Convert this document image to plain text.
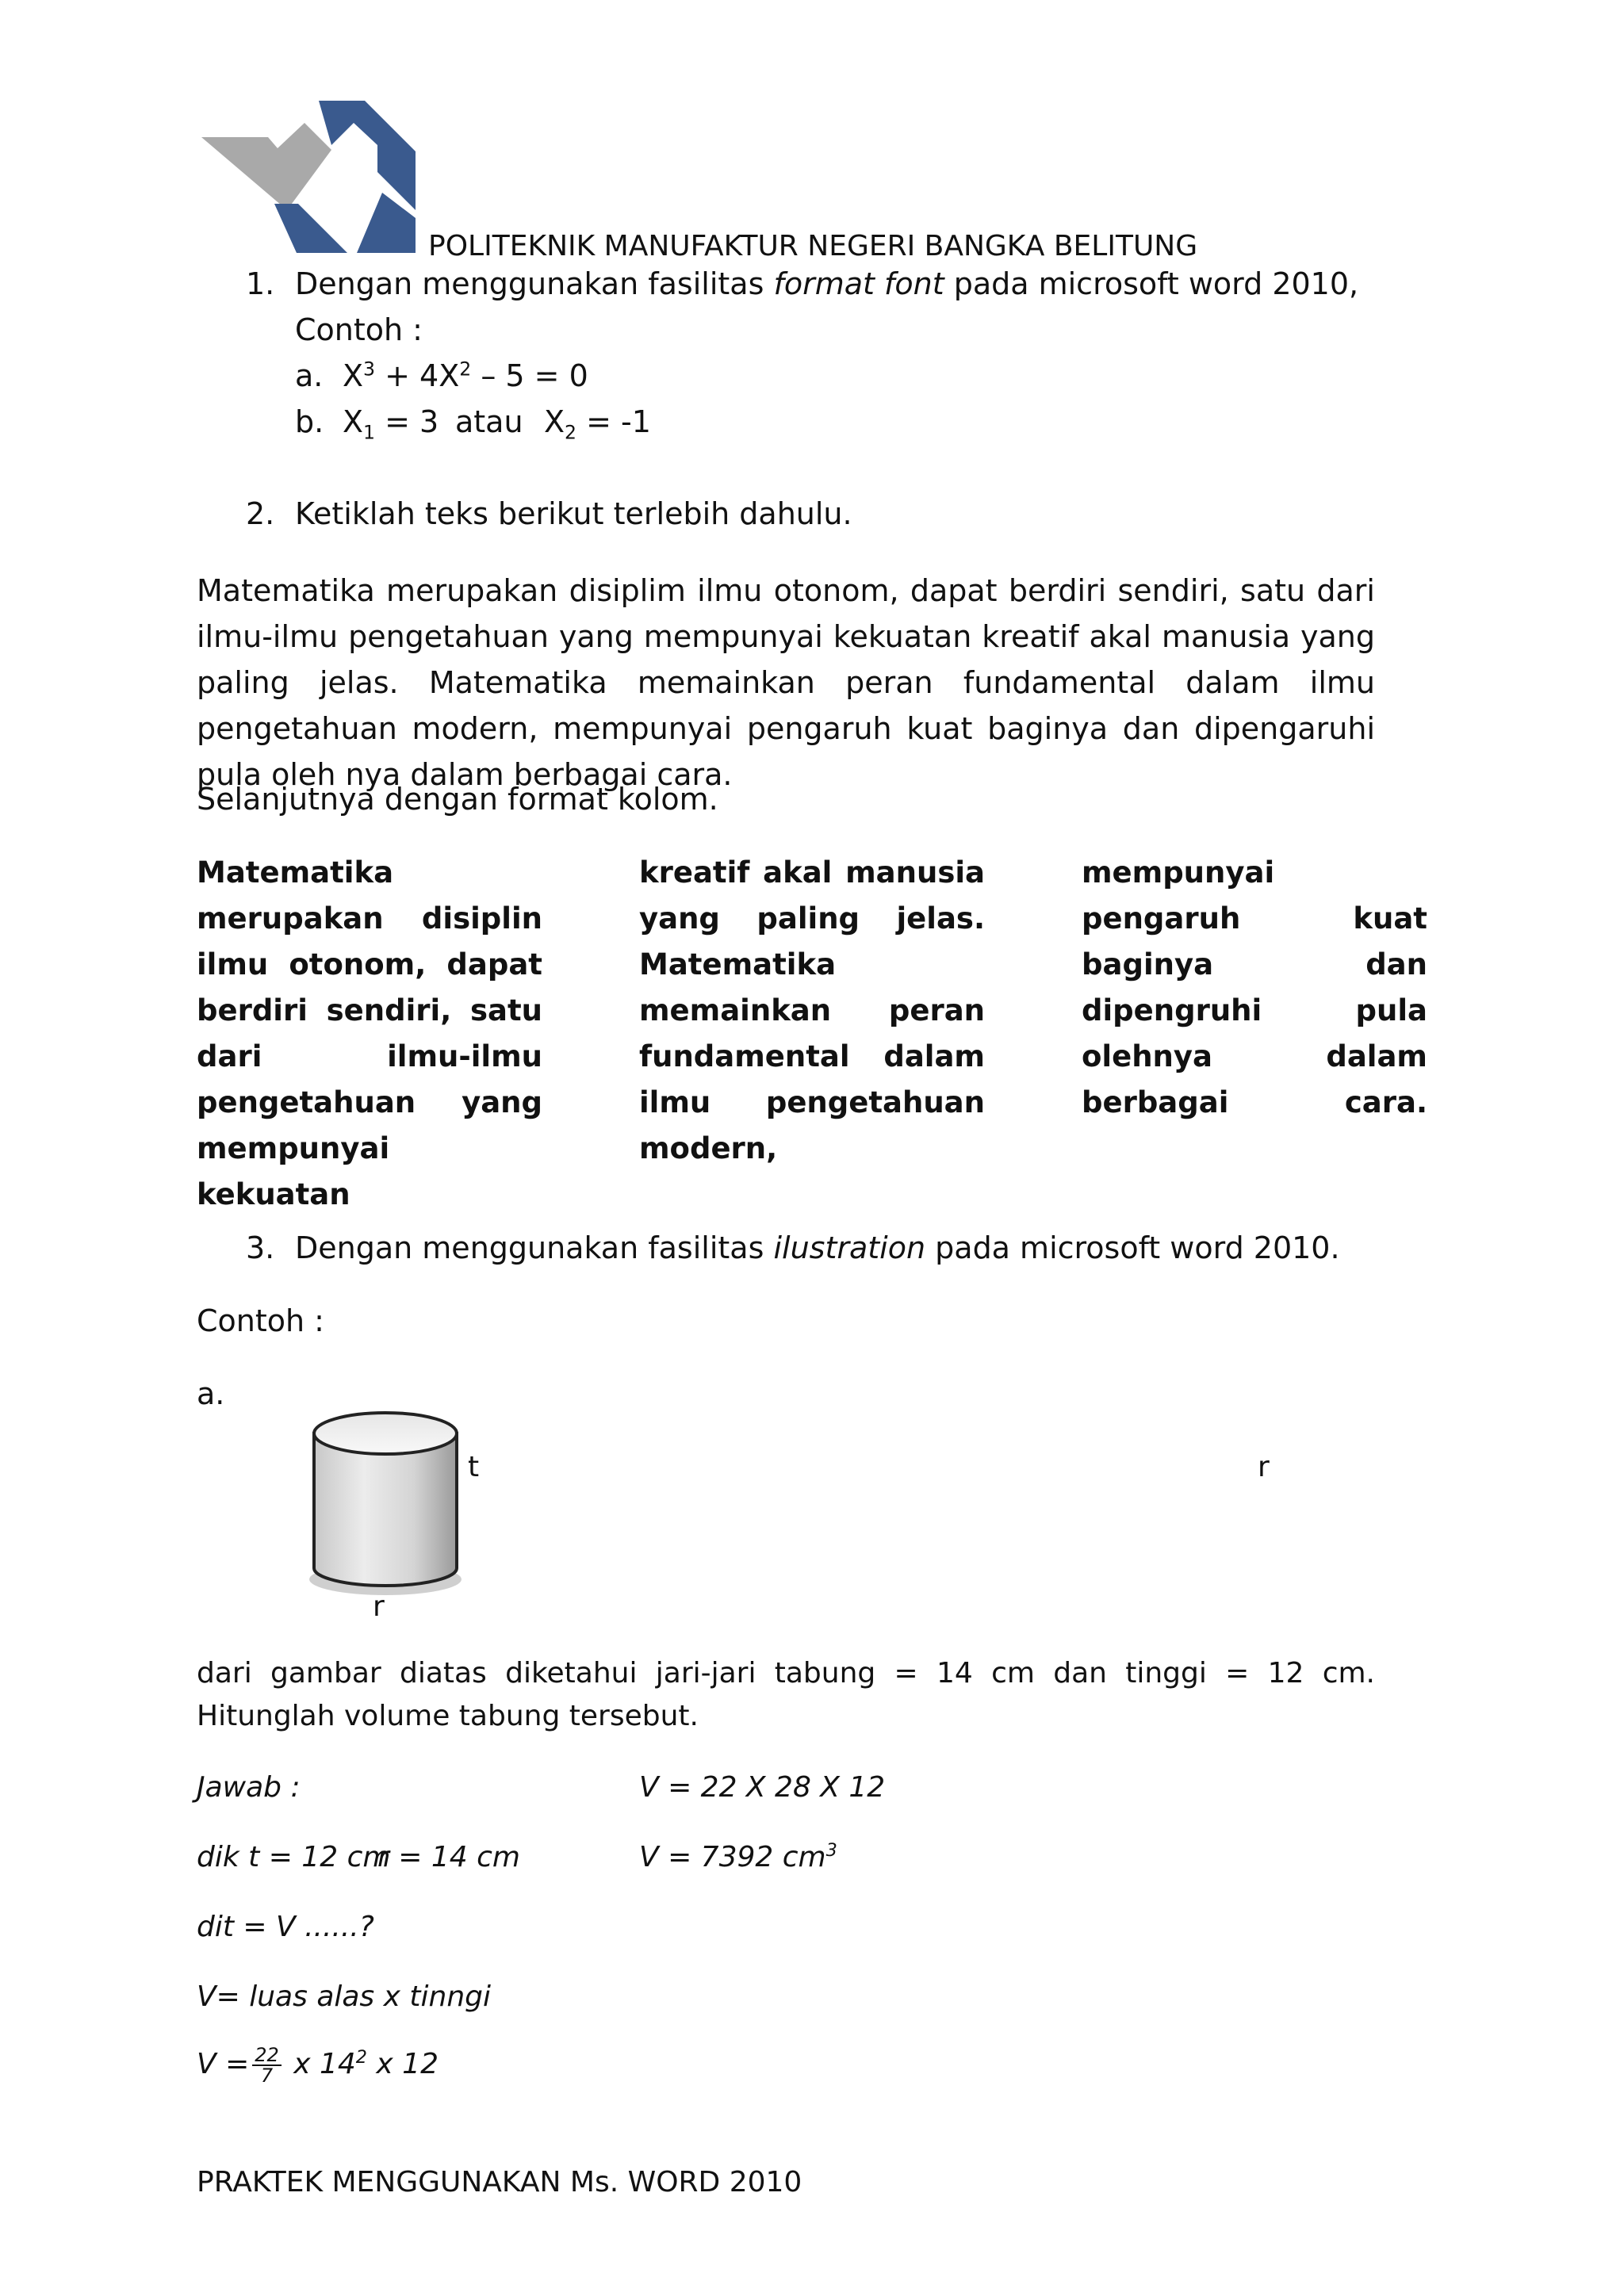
POLITEKNIK MANUFAKTUR NEGERI BANGKA BELITUNG
1. Dengan menggunakan fasilitas format font pada microsoft word 2010,
Contoh :
a. $X^3 + 4X^2 - 5 = 0$
b. $X_1 = 3$ atau $X_2 = -1$
2. Ketiklah teks berikut terlebih dahulu.
Matematika merupakan disiplim ilmu otonom, dapat berdiri sendiri, satu dari ilmu-ilmu pengetahuan yang mempunyai kekuatan kreatif akal manusia yang paling jelas. Matematika memainkan peran fundamental dalam ilmu pengetahuan modern, mempunyai pengaruh kuat baginya dan dipengaruhi pula oleh nya dalam berbagai cara.
Selanjutnya dengan format kolom.
Matematika merupakan disiplin ilmu otonom, dapat berdiri sendiri, satu dari ilmu-ilmu pengetahuan yang mempunyai kekuatan
kreatif akal manusia yang paling jelas. Matematika memainkan peran fundamental dalam ilmu pengetahuan modern,
mempunyai pengaruh kuat baginya dan dipengruhi pula olehnya dalam berbagai cara.
3. Dengan menggunakan fasilitas ilustration pada microsoft word 2010.
Contoh :
a.
t	r
r
dari gambar diatas diketahui jari-jari tabung = 14 cm dan tinggi = 12 cm. Hitunglah volume tabung tersebut.
Jawab :	V = 22 X 28 X 12
dik t = 12 cm
r = 14 cm	V = 7392 $cm^3$
dit = V ......?
V= luas alas x tinngi
$V = \frac{22}{7}$ x $14^2$ x 12
PRAKTEK MENGGUNAKAN Ms. WORD 2010
